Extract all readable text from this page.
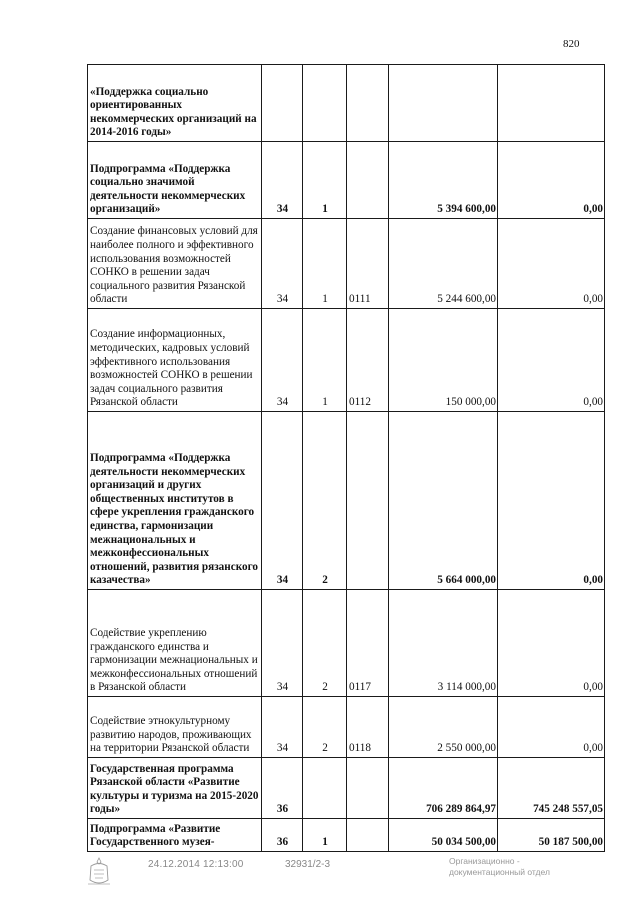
820
«Поддержка социально ориентированных некоммерческих организаций на 2014-2016 годы»					
Подпрограмма «Поддержка социально значимой деятельности некоммерческих организаций»	34	1		5 394 600,00	0,00
Создание финансовых условий для наиболее полного и эффективного использования возможностей СОНКО в решении задач социального развития Рязанской области	34	1	0111	5 244 600,00	0,00
Создание информационных, методических, кадровых условий эффективного использования возможностей СОНКО в решении задач социального развития Рязанской области	34	1	0112	150 000,00	0,00
Подпрограмма «Поддержка деятельности некоммерческих организаций и других общественных институтов в сфере укрепления гражданского единства, гармонизации межнациональных и межконфессиональных отношений, развития рязанского казачества»	34	2		5 664 000,00	0,00
Содействие укреплению гражданского единства и гармонизации межнациональных и межконфессиональных отношений в Рязанской области	34	2	0117	3 114 000,00	0,00
Содействие этнокультурному развитию народов, проживающих на территории Рязанской области	34	2	0118	2 550 000,00	0,00
Государственная программа Рязанской области «Развитие культуры и туризма на 2015-2020 годы»	36			706 289 864,97	745 248 557,05
Подпрограмма «Развитие Государственного музея-	36	1		50 034 500,00	50 187 500,00
24.12.2014 12:13:00	32931/2-3	Организационно -
документационный отдел
